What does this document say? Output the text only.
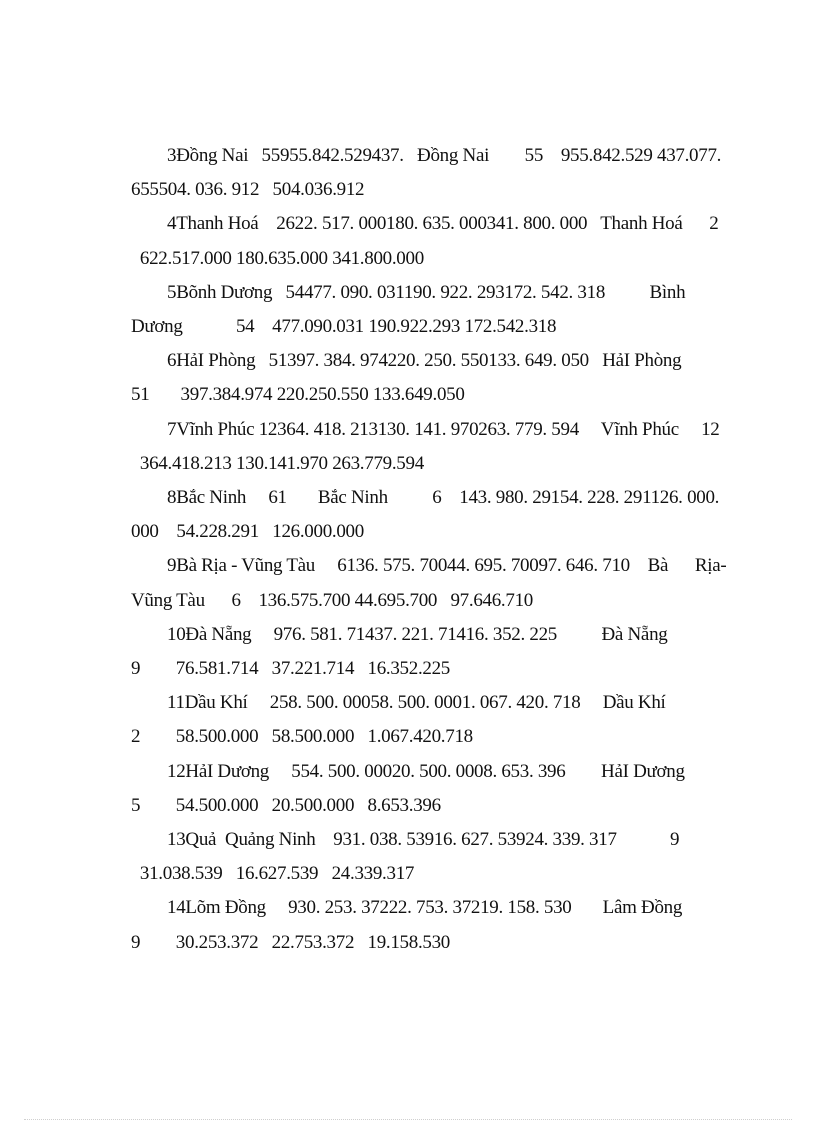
3Đồng Nai   55955.842.529437.   Đồng Nai        55    955.842.529 437.077.
655504. 036. 912   504.036.912
4Thanh Hoá    2622. 517. 000180. 635. 000341. 800. 000   Thanh Hoá      2
622.517.000 180.635.000 341.800.000
5Bõnh Dương   54477. 090. 031190. 922. 293172. 542. 318          Bình
Dương            54    477.090.031 190.922.293 172.542.318
6HảI Phòng   51397. 384. 974220. 250. 550133. 649. 050   HảI Phòng
51       397.384.974 220.250.550 133.649.050
7Vĩnh Phúc 12364. 418. 213130. 141. 970263. 779. 594     Vĩnh Phúc     12
364.418.213 130.141.970 263.779.594
8Bắc Ninh     61       Bắc Ninh          6    143. 980. 29154. 228. 291126. 000.
000    54.228.291   126.000.000
9Bà Rịa - Vũng Tàu     6136. 575. 70044. 695. 70097. 646. 710    Bà      Rịa-
Vũng Tàu      6    136.575.700 44.695.700   97.646.710
10Đà Nẵng     976. 581. 71437. 221. 71416. 352. 225          Đà Nẵng
9        76.581.714   37.221.714   16.352.225
11Dầu Khí     258. 500. 00058. 500. 0001. 067. 420. 718     Dầu Khí
2        58.500.000   58.500.000   1.067.420.718
12HảI Dương     554. 500. 00020. 500. 0008. 653. 396        HảI Dương
5        54.500.000   20.500.000   8.653.396
13Quả  Quảng Ninh    931. 038. 53916. 627. 53924. 339. 317            9
31.038.539   16.627.539   24.339.317
14Lõm Đồng     930. 253. 37222. 753. 37219. 158. 530       Lâm Đồng
9        30.253.372   22.753.372   19.158.530
